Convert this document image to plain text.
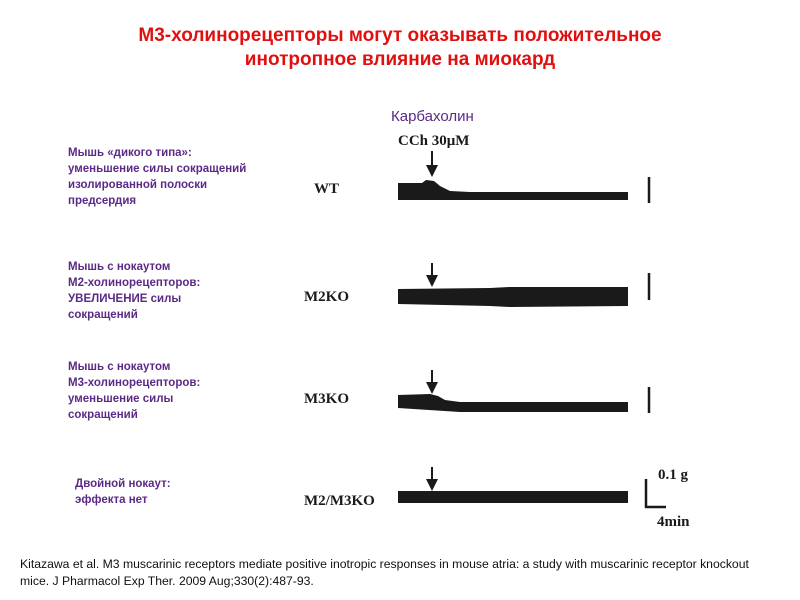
М3-холинорецепторы могут оказывать положительное
инотропное влияние на миокард
Карбахолин
Мышь «дикого типа»:
уменьшение силы сокращений
изолированной полоски
предсердия
Мышь с нокаутом
М2-холинорецепторов:
УВЕЛИЧЕНИЕ силы
сокращений
Мышь с нокаутом
М3-холинорецепторов:
уменьшение силы
сокращений
Двойной нокаут:
эффекта нет
CCh 30μM
WT
M2KO
M3KO
M2/M3KO
0.1 g
4min
Kitazawa et al. M3 muscarinic receptors mediate positive inotropic responses in mouse atria: a study with muscarinic receptor knockout mice. J Pharmacol Exp Ther. 2009 Aug;330(2):487-93.
